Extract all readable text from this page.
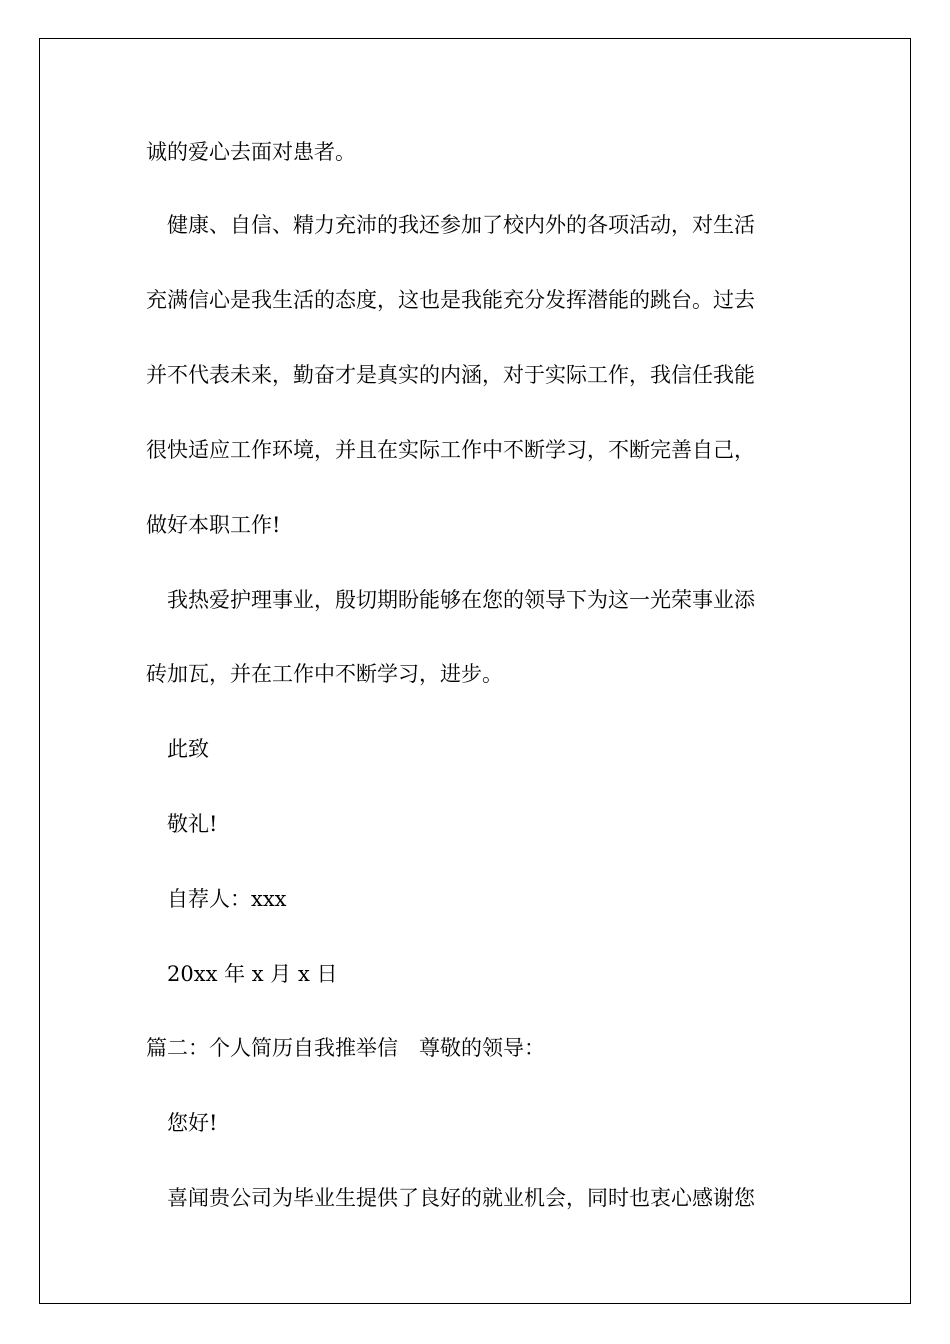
诚的爱心去面对患者。
健康、自信、精力充沛的我还参加了校内外的各项活动，对生活
充满信心是我生活的态度，这也是我能充分发挥潜能的跳台。过去
并不代表未来，勤奋才是真实的内涵，对于实际工作，我信任我能
很快适应工作环境，并且在实际工作中不断学习，不断完善自己，
做好本职工作!
我热爱护理事业，殷切期盼能够在您的领导下为这一光荣事业添
砖加瓦，并在工作中不断学习，进步。
此致
敬礼!
自荐人：xxx
20xx 年 x 月 x 日
篇二：个人简历自我推举信　尊敬的领导：
您好!
喜闻贵公司为毕业生提供了良好的就业机会，同时也衷心感谢您
